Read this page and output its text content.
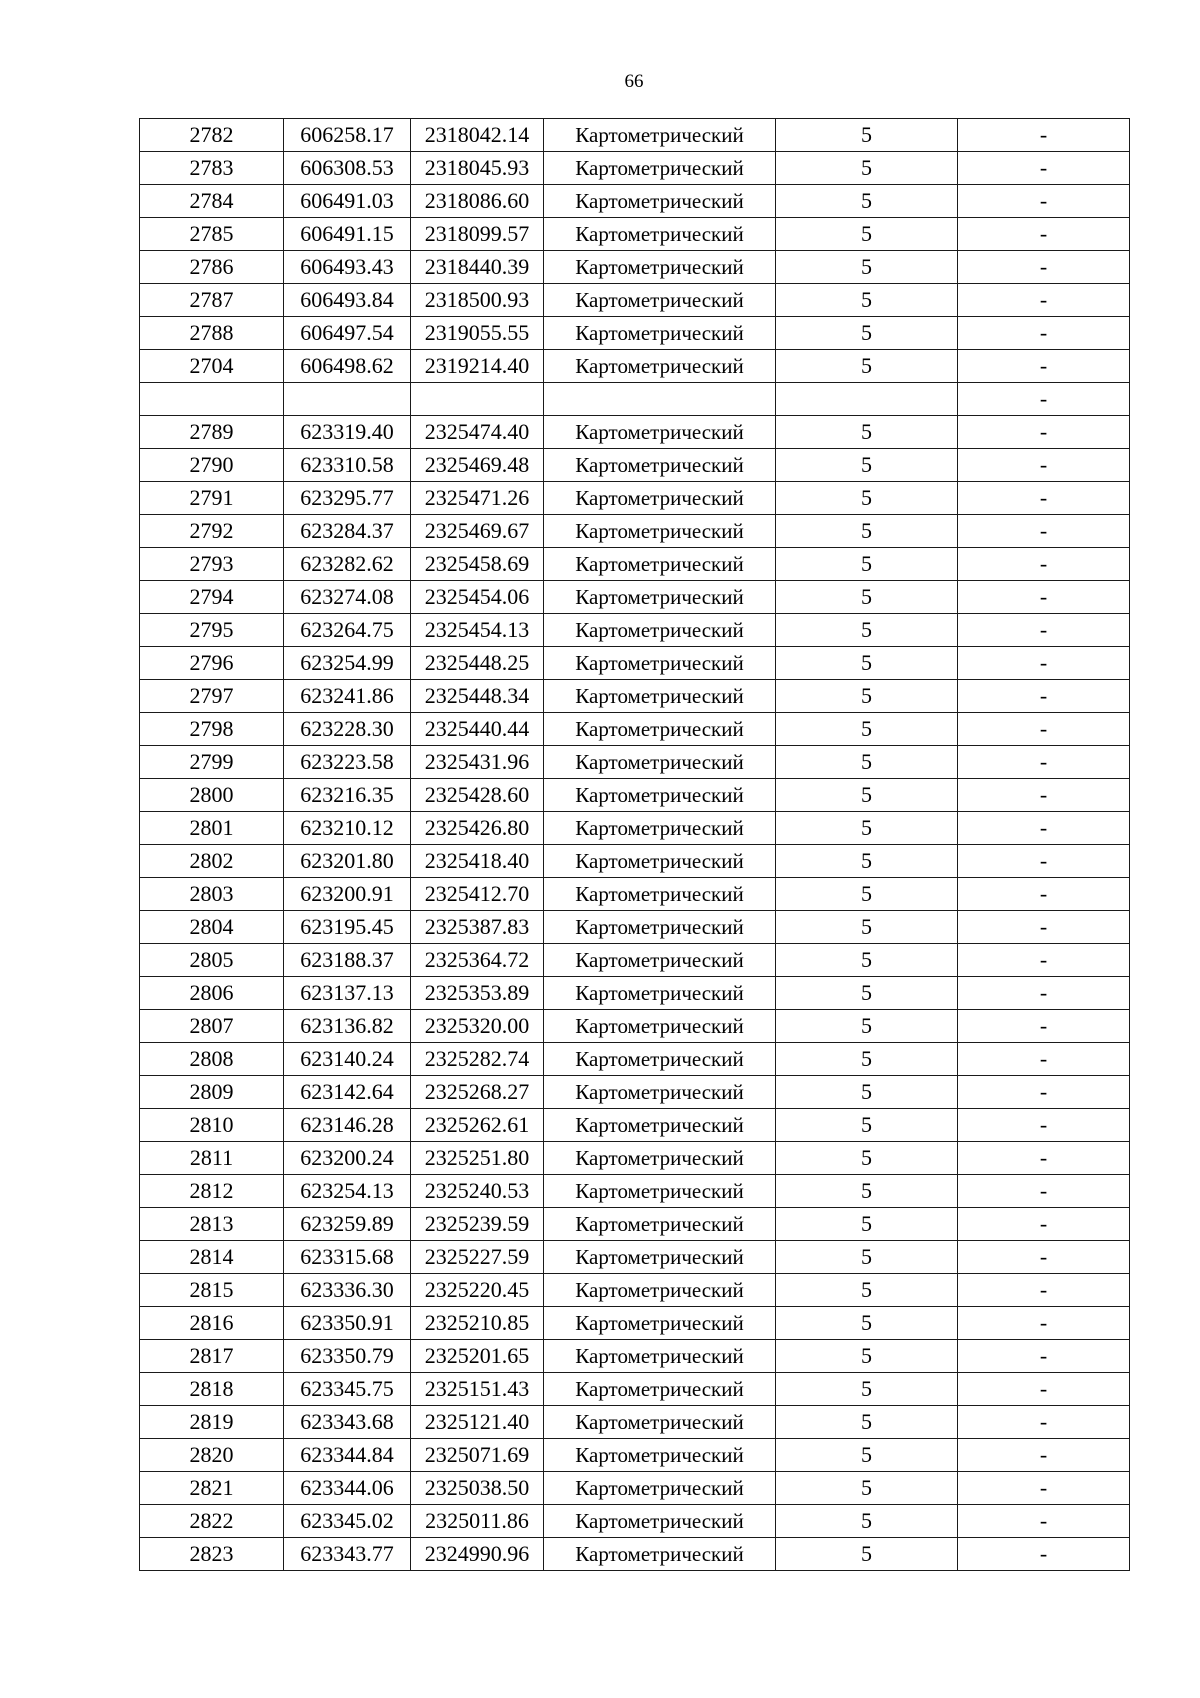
66
2782	606258.17	2318042.14	Картометрический	5	-
2783	606308.53	2318045.93	Картометрический	5	-
2784	606491.03	2318086.60	Картометрический	5	-
2785	606491.15	2318099.57	Картометрический	5	-
2786	606493.43	2318440.39	Картометрический	5	-
2787	606493.84	2318500.93	Картометрический	5	-
2788	606497.54	2319055.55	Картометрический	5	-
2704	606498.62	2319214.40	Картометрический	5	-
					-
2789	623319.40	2325474.40	Картометрический	5	-
2790	623310.58	2325469.48	Картометрический	5	-
2791	623295.77	2325471.26	Картометрический	5	-
2792	623284.37	2325469.67	Картометрический	5	-
2793	623282.62	2325458.69	Картометрический	5	-
2794	623274.08	2325454.06	Картометрический	5	-
2795	623264.75	2325454.13	Картометрический	5	-
2796	623254.99	2325448.25	Картометрический	5	-
2797	623241.86	2325448.34	Картометрический	5	-
2798	623228.30	2325440.44	Картометрический	5	-
2799	623223.58	2325431.96	Картометрический	5	-
2800	623216.35	2325428.60	Картометрический	5	-
2801	623210.12	2325426.80	Картометрический	5	-
2802	623201.80	2325418.40	Картометрический	5	-
2803	623200.91	2325412.70	Картометрический	5	-
2804	623195.45	2325387.83	Картометрический	5	-
2805	623188.37	2325364.72	Картометрический	5	-
2806	623137.13	2325353.89	Картометрический	5	-
2807	623136.82	2325320.00	Картометрический	5	-
2808	623140.24	2325282.74	Картометрический	5	-
2809	623142.64	2325268.27	Картометрический	5	-
2810	623146.28	2325262.61	Картометрический	5	-
2811	623200.24	2325251.80	Картометрический	5	-
2812	623254.13	2325240.53	Картометрический	5	-
2813	623259.89	2325239.59	Картометрический	5	-
2814	623315.68	2325227.59	Картометрический	5	-
2815	623336.30	2325220.45	Картометрический	5	-
2816	623350.91	2325210.85	Картометрический	5	-
2817	623350.79	2325201.65	Картометрический	5	-
2818	623345.75	2325151.43	Картометрический	5	-
2819	623343.68	2325121.40	Картометрический	5	-
2820	623344.84	2325071.69	Картометрический	5	-
2821	623344.06	2325038.50	Картометрический	5	-
2822	623345.02	2325011.86	Картометрический	5	-
2823	623343.77	2324990.96	Картометрический	5	-
